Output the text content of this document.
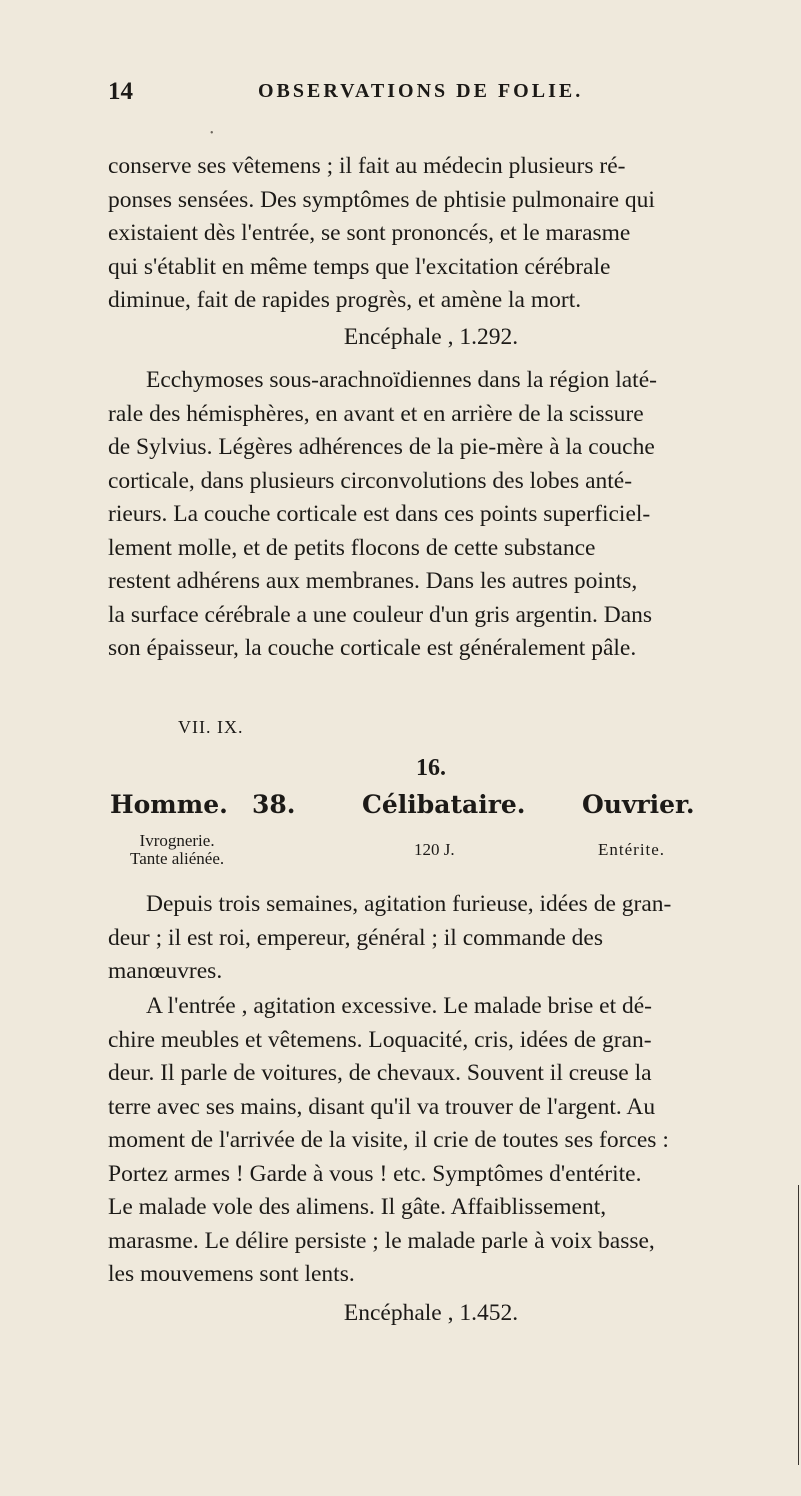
14	OBSERVATIONS DE FOLIE.
•
conserve ses vêtemens ; il fait au médecin plusieurs ré-
ponses sensées. Des symptômes de phtisie pulmonaire qui
existaient dès l'entrée, se sont prononcés, et le marasme
qui s'établit en même temps que l'excitation cérébrale
diminue, fait de rapides progrès, et amène la mort.
Encéphale , 1.292.
Ecchymoses sous-arachnoïdiennes dans la région laté-
rale des hémisphères, en avant et en arrière de la scissure
de Sylvius. Légères adhérences de la pie-mère à la couche
corticale, dans plusieurs circonvolutions des lobes anté-
rieurs. La couche corticale est dans ces points superficiel-
lement molle, et de petits flocons de cette substance
restent adhérens aux membranes. Dans les autres points,
la surface cérébrale a une couleur d'un gris argentin. Dans
son épaisseur, la couche corticale est généralement pâle.
VII. IX.
16.
Homme. 38.	Célibataire. Ouvrier.
Ivrognerie.
Tante aliénée.	120 J.	Entérite.
Depuis trois semaines, agitation furieuse, idées de gran-
deur ; il est roi, empereur, général ; il commande des
manœuvres.
A l'entrée , agitation excessive. Le malade brise et dé-
chire meubles et vêtemens. Loquacité, cris, idées de gran-
deur. Il parle de voitures, de chevaux. Souvent il creuse la
terre avec ses mains, disant qu'il va trouver de l'argent. Au
moment de l'arrivée de la visite, il crie de toutes ses forces :
Portez armes ! Garde à vous ! etc. Symptômes d'entérite.
Le malade vole des alimens. Il gâte. Affaiblissement,
marasme. Le délire persiste ; le malade parle à voix basse,
les mouvemens sont lents.
Encéphale , 1.452.
